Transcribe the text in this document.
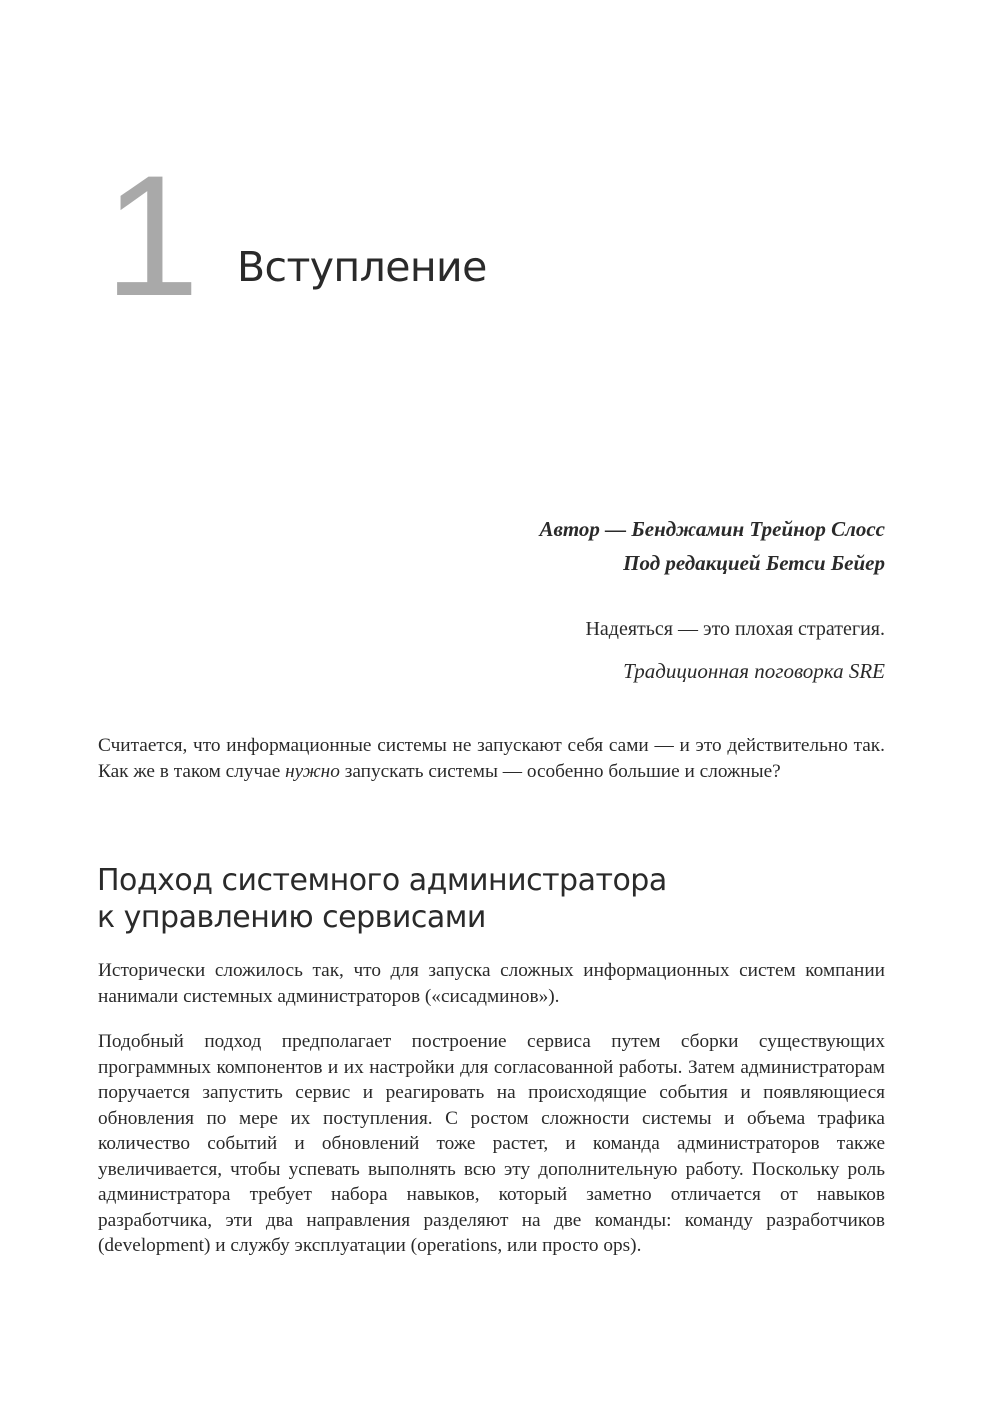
1 Вступление
Автор — Бенджамин Трейнор Слосс
Под редакцией Бетси Бейер
Надеяться — это плохая стратегия.
Традиционная поговорка SRE

Считается, что информационные системы не запускают себя сами — и это действительно так. Как же в таком случае нужно запускать системы — особенно большие и сложные?

Подход системного администратора
к управлению сервисами

Исторически сложилось так, что для запуска сложных информационных систем компании нанимали системных администраторов («сисадминов»).

Подобный подход предполагает построение сервиса путем сборки существующих программных компонентов и их настройки для согласованной работы. Затем администраторам поручается запустить сервис и реагировать на происходящие события и появляющиеся обновления по мере их поступления. С ростом сложности системы и объема трафика количество событий и обновлений тоже растет, и команда администраторов также увеличивается, чтобы успевать выполнять всю эту дополнительную работу. Поскольку роль администратора требует набора навыков, который заметно отличается от навыков разработчика, эти два направления разделяют на две команды: команду разработчиков (development) и службу эксплуатации (operations, или просто ops).
